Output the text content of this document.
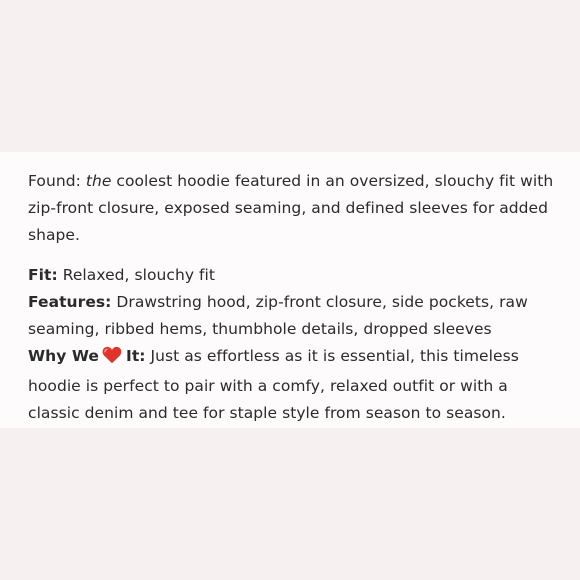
Found: the coolest hoodie featured in an oversized, slouchy fit with
zip-front closure, exposed seaming, and defined sleeves for added
shape.

Fit: Relaxed, slouchy fit
Features: Drawstring hood, zip-front closure, side pockets, raw
seaming, ribbed hems, thumbhole details, dropped sleeves
Why We It: Just as effortless as it is essential, this timeless
hoodie is perfect to pair with a comfy, relaxed outfit or with a
classic denim and tee for staple style from season to season.
